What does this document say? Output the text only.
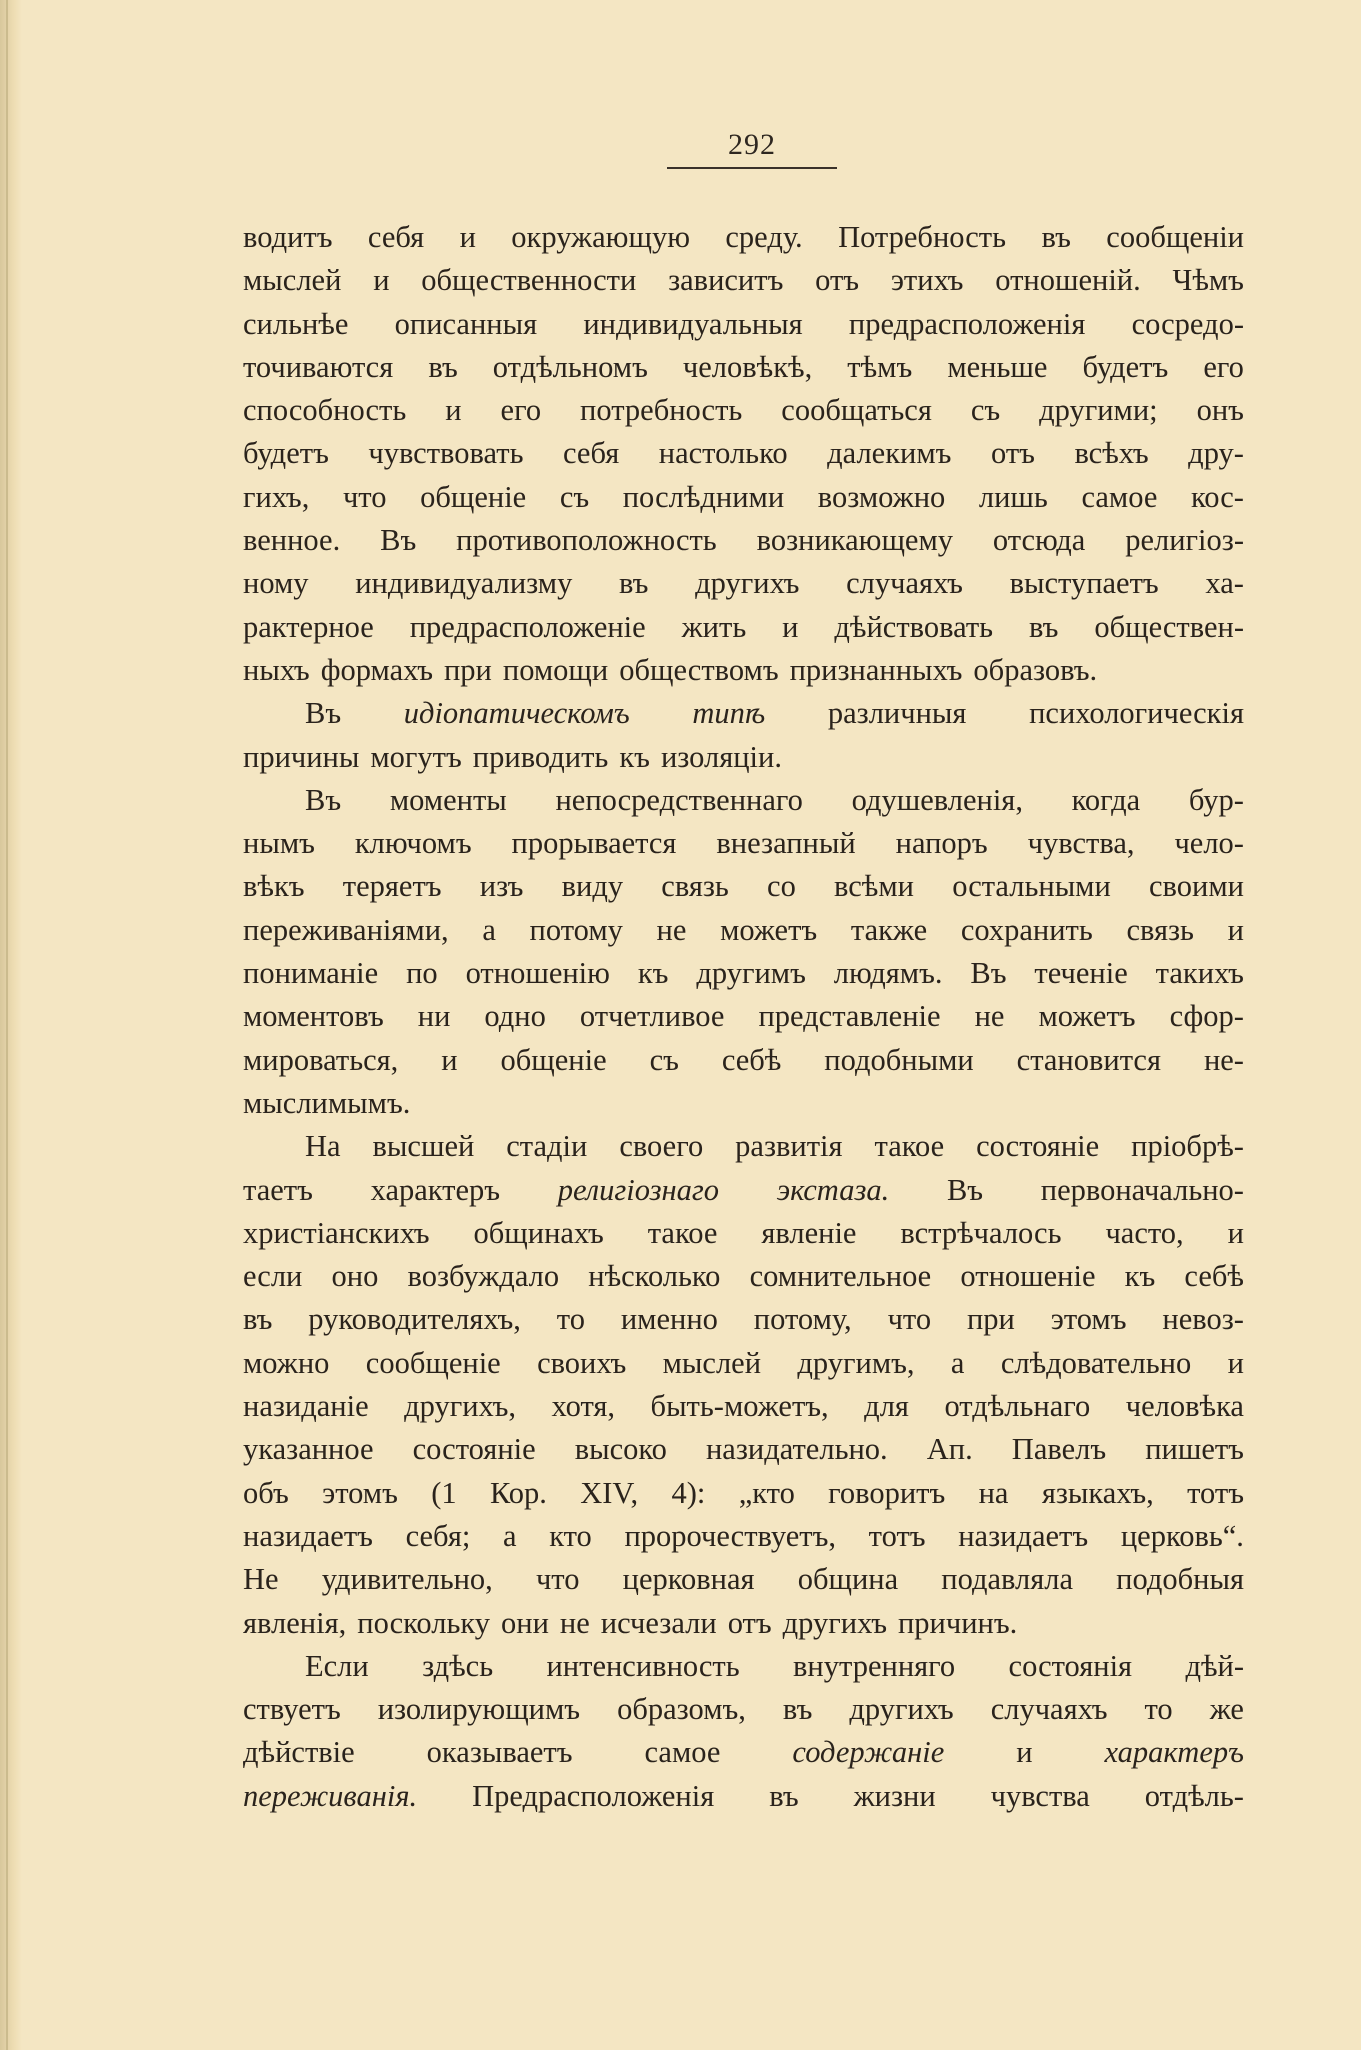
292
водитъ себя и окружающую среду. Потребность въ сообщеніи
мыслей и общественности зависитъ отъ этихъ отношеній. Чѣмъ
сильнѣе описанныя индивидуальныя предрасположенія сосредо-
точиваются въ отдѣльномъ человѣкѣ, тѣмъ меньше будетъ его
способность и его потребность сообщаться съ другими; онъ
будетъ чувствовать себя настолько далекимъ отъ всѣхъ дру-
гихъ, что общеніе съ послѣдними возможно лишь самое кос-
венное. Въ противоположность возникающему отсюда религіоз-
ному индивидуализму въ другихъ случаяхъ выступаетъ ха-
рактерное предрасположеніе жить и дѣйствовать въ обществен-
ныхъ формахъ при помощи обществомъ признанныхъ образовъ.
Въ идіопатическомъ типѣ различныя психологическія
причины могутъ приводить къ изоляціи.
Въ моменты непосредственнаго одушевленія, когда бур-
нымъ ключомъ прорывается внезапный напоръ чувства, чело-
вѣкъ теряетъ изъ виду связь со всѣми остальными своими
переживаніями, а потому не можетъ также сохранить связь и
пониманіе по отношенію къ другимъ людямъ. Въ теченіе такихъ
моментовъ ни одно отчетливое представленіе не можетъ сфор-
мироваться, и общеніе съ себѣ подобными становится не-
мыслимымъ.
На высшей стадіи своего развитія такое состояніе пріобрѣ-
таетъ характеръ религіознаго экстаза. Въ первоначально-
христіанскихъ общинахъ такое явленіе встрѣчалось часто, и
если оно возбуждало нѣсколько сомнительное отношеніе къ себѣ
въ руководителяхъ, то именно потому, что при этомъ невоз-
можно сообщеніе своихъ мыслей другимъ, а слѣдовательно и
назиданіе другихъ, хотя, быть-можетъ, для отдѣльнаго человѣка
указанное состояніе высоко назидательно. Ап. Павелъ пишетъ
объ этомъ (1 Кор. XIV, 4): „кто говоритъ на языкахъ, тотъ
назидаетъ себя; а кто пророчествуетъ, тотъ назидаетъ церковь“.
Не удивительно, что церковная община подавляла подобныя
явленія, поскольку они не исчезали отъ другихъ причинъ.
Если здѣсь интенсивность внутренняго состоянія дѣй-
ствуетъ изолирующимъ образомъ, въ другихъ случаяхъ то же
дѣйствіе оказываетъ самое содержаніе и характеръ
переживанія. Предрасположенія въ жизни чувства отдѣль-
